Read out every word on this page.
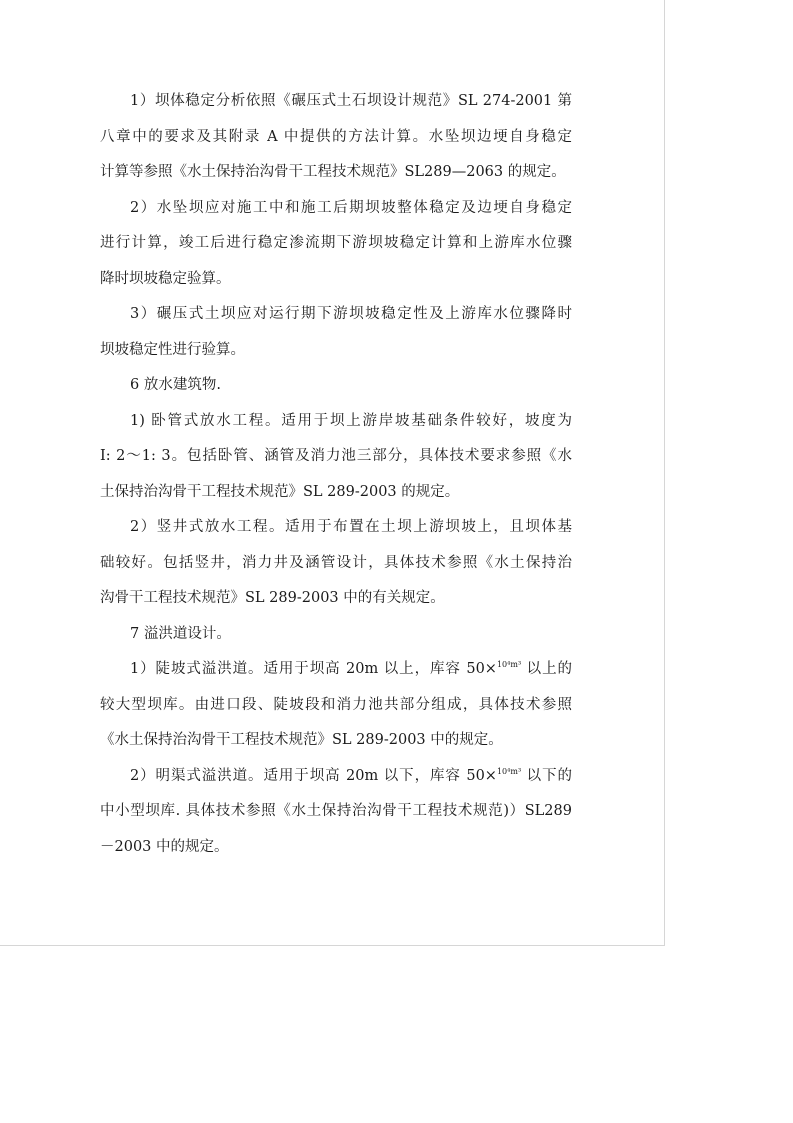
1）坝体稳定分析依照《碾压式土石坝设计规范》SL 274-2001 第
八章中的要求及其附录 A 中提供的方法计算。水坠坝边埂自身稳定
计算等参照《水土保持治沟骨干工程技术规范》SL289—2063 的规定。
2）水坠坝应对施工中和施工后期坝坡整体稳定及边埂自身稳定
进行计算，竣工后进行稳定渗流期下游坝坡稳定计算和上游库水位骤
降时坝坡稳定验算。
3）碾压式土坝应对运行期下游坝坡稳定性及上游库水位骤降时
坝坡稳定性进行验算。
6 放水建筑物.
1) 卧管式放水工程。适用于坝上游岸坡基础条件较好，坡度为
I: 2～1: 3。包括卧管、涵管及消力池三部分，具体技术要求参照《水
土保持治沟骨干工程技术规范》SL 289-2003 的规定。
2）竖井式放水工程。适用于布置在土坝上游坝坡上，且坝体基
础较好。包括竖井，消力井及涵管设计，具体技术参照《水土保持治
沟骨干工程技术规范》SL 289-2003 中的有关规定。
7 溢洪道设计。
1）陡坡式溢洪道。适用于坝高 20m 以上，库容 50×$^{10^4m^3}$ 以上的
较大型坝库。由进口段、陡坡段和消力池共部分组成，具体技术参照
《水土保持治沟骨干工程技术规范》SL 289-2003 中的规定。
2）明渠式溢洪道。适用于坝高 20m 以下，库容 50×$^{10^4m^3}$ 以下的
中小型坝库. 具体技术参照《水土保持治沟骨干工程技术规范)）SL289
－2003 中的规定。
